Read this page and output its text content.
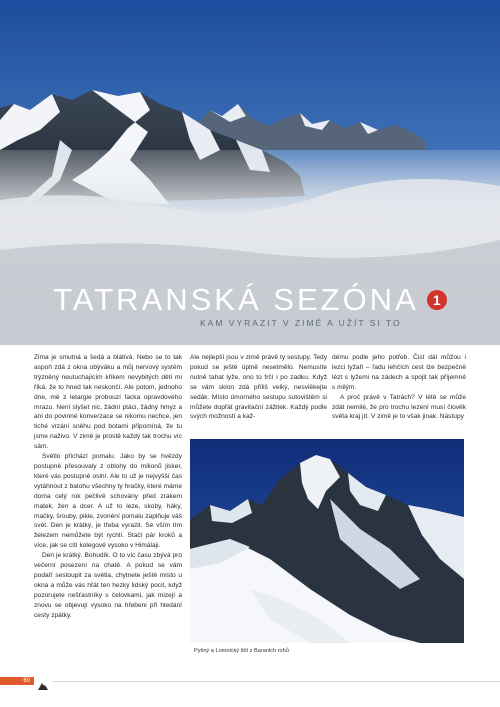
TATRANSKÁ SEZÓNA	1
KAM VYRAZIT V ZIMĚ A UŽÍT SI TO

Zima je smutná a šedá a blátivá. Nebo se to tak aspoň zdá z okna obýváku a můj nervový systém trýzněný neutuchajícím křikem nevybitých dětí mi říká, že to hned tak neskončí. Ale potom, jednoho dne, mě z letargie probouzí facka opravdového mrazu. Není slyšet nic, žádní ptáci, žádný hmyz a ani do povinné konverzace se nikomu nechce, jen tiché vrzání sněhu pod botami připomíná, že tu jsme naživo. V zimě je prostě každý tak trochu víc sám.

Světlo přichází pomalu. Jako by se hvězdy postupně přesouvaly z oblohy do milionů jisker, které vás postupně oslní. Ale to už je nejvyšší čas vytáhnout z batohu všechny ty hračky, které máme doma celý rok pečlivě schovány před zrakem matek, žen a dcer. A už to leze, skoby, háky, mačky, šrouby, pikle, zvonění pomalu zaplňuje váš svět. Den je krátký, je třeba vyrazit. Se vším tím železem nemůžete být rychlí. Stačí pár kroků a více, jak se cítí kolegové vysoko v Himálaji.

Den je krátký. Bohudík. O to víc času zbývá pro večerní posezení na chatě. A pokud se vám podaří sestoupit za světla, chytnete ještě místo u okna a může vás hřát ten hezký lidský pocit, když pozorujete nešťastníky s čelovkami, jak mizejí a znovu se objevují vysoko na hřebeni při hledání cesty zpátky.

Ale nejlepší jsou v zimě právě ty sestupy. Tedy pokud se ještě úplně nesetmělo. Nemusíte nutně tahat lyže, ono to frčí i po zadku. Když se vám sklon zdá příliš velký, nesviěkejte sedák. Místo úmorného sestupu sutovištěm si můžete dopřát gravitační zážitek. Každý podle svých možností a kaž-

dému podle jeho potřeb. Čist dál můžou i lezci lyžaři – řadu lehčích cest lze bezpečně lézt s lyžemi na zádech a spojit tak příjemné s milým.

A proč právě v Tatrách? V létě se může zdát nemilé, že pro trochu lezení musí člověk světa kraj jít. V zimě je to však jinak. Nástupy

Pyšný a Lomnický štít z Baranich rohů
60
